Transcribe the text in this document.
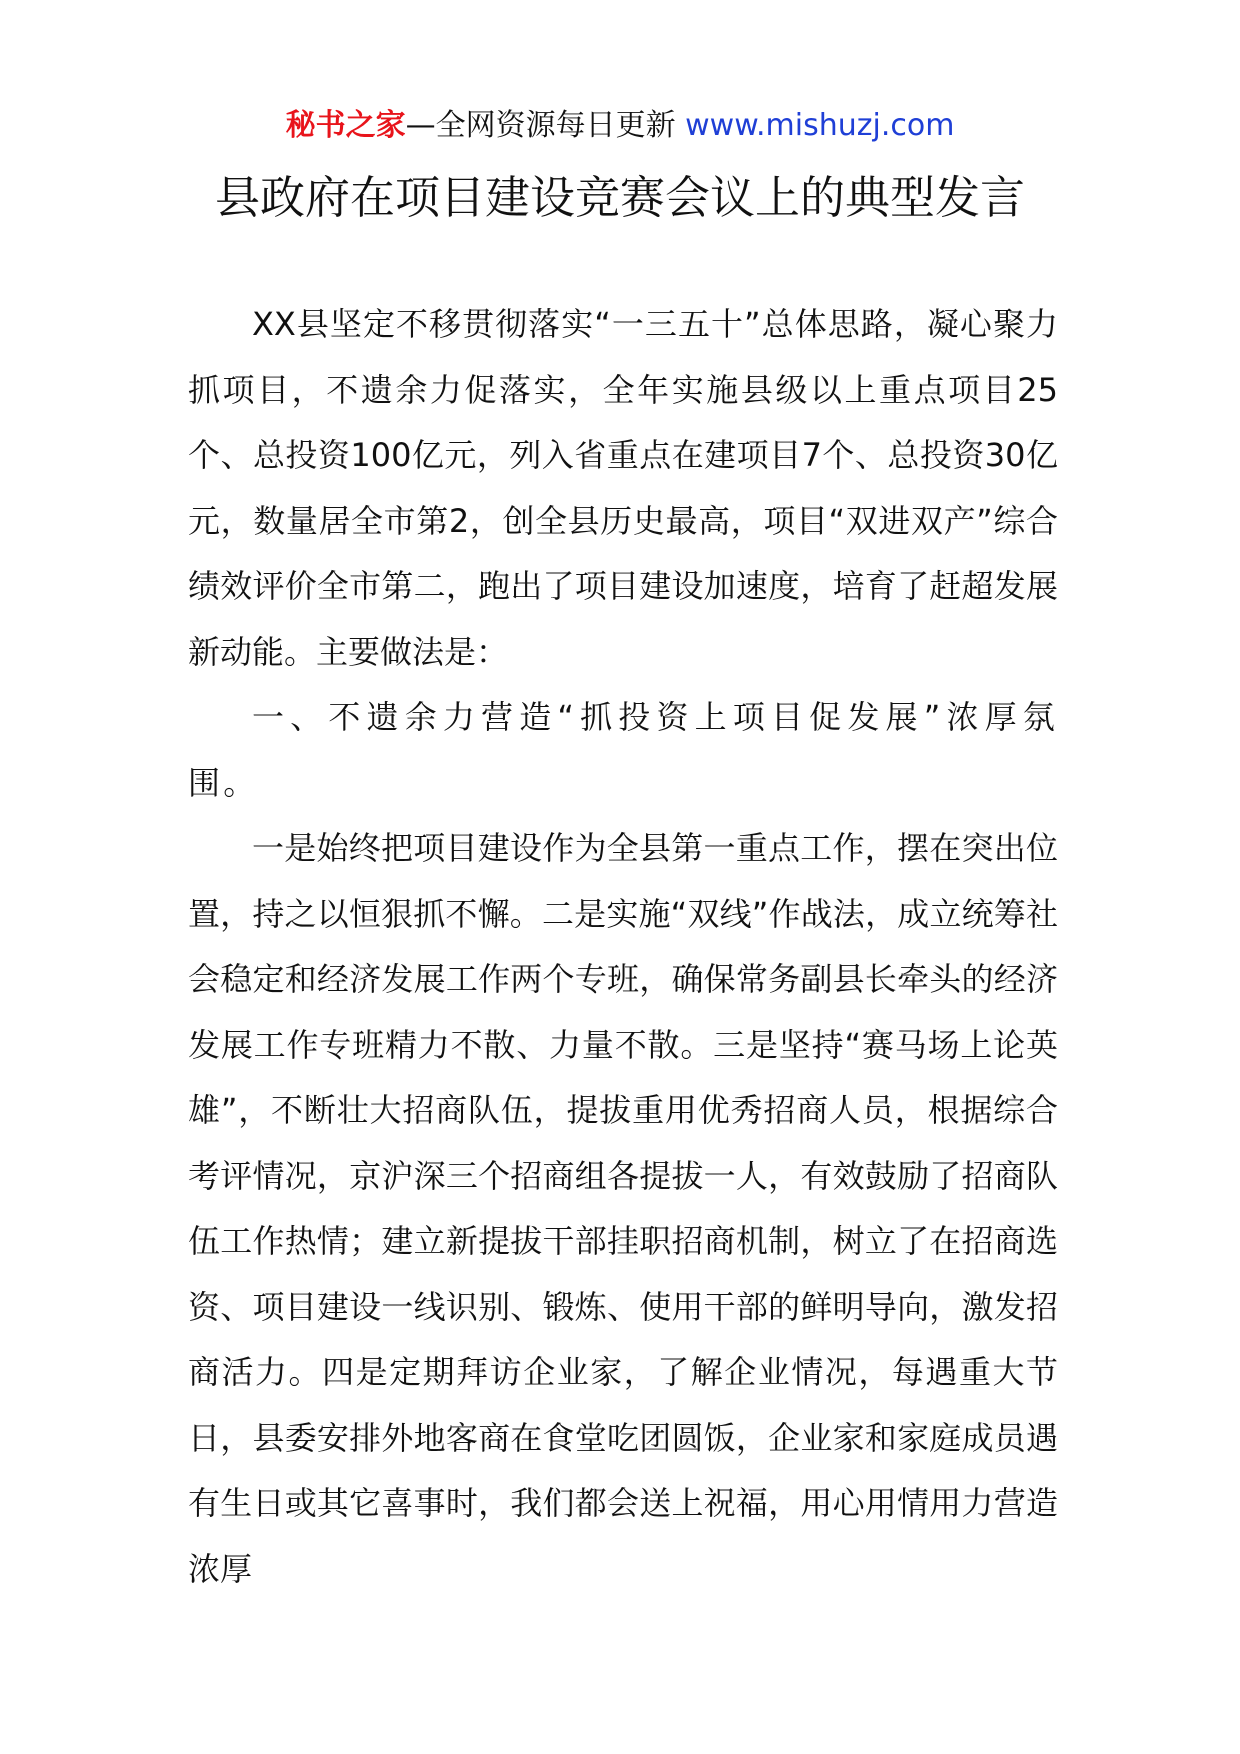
秘书之家—全网资源每日更新 www.mishuzj.com
县政府在项目建设竞赛会议上的典型发言

XX县坚定不移贯彻落实“一三五十”总体思路，凝心聚力抓项目，不遗余力促落实，全年实施县级以上重点项目25个、总投资100亿元，列入省重点在建项目7个、总投资30亿元，数量居全市第2，创全县历史最高，项目“双进双产”综合绩效评价全市第二，跑出了项目建设加速度，培育了赶超发展新动能。主要做法是：

一、不遗余力营造“抓投资上项目促发展”浓厚氛围。

一是始终把项目建设作为全县第一重点工作，摆在突出位置，持之以恒狠抓不懈。二是实施“双线”作战法，成立统筹社会稳定和经济发展工作两个专班，确保常务副县长牵头的经济发展工作专班精力不散、力量不散。三是坚持“赛马场上论英雄”，不断壮大招商队伍，提拔重用优秀招商人员，根据综合考评情况，京沪深三个招商组各提拔一人，有效鼓励了招商队伍工作热情；建立新提拔干部挂职招商机制，树立了在招商选资、项目建设一线识别、锻炼、使用干部的鲜明导向，激发招商活力。四是定期拜访企业家，了解企业情况，每遇重大节日，县委安排外地客商在食堂吃团圆饭，企业家和家庭成员遇有生日或其它喜事时，我们都会送上祝福，用心用情用力营造浓厚
